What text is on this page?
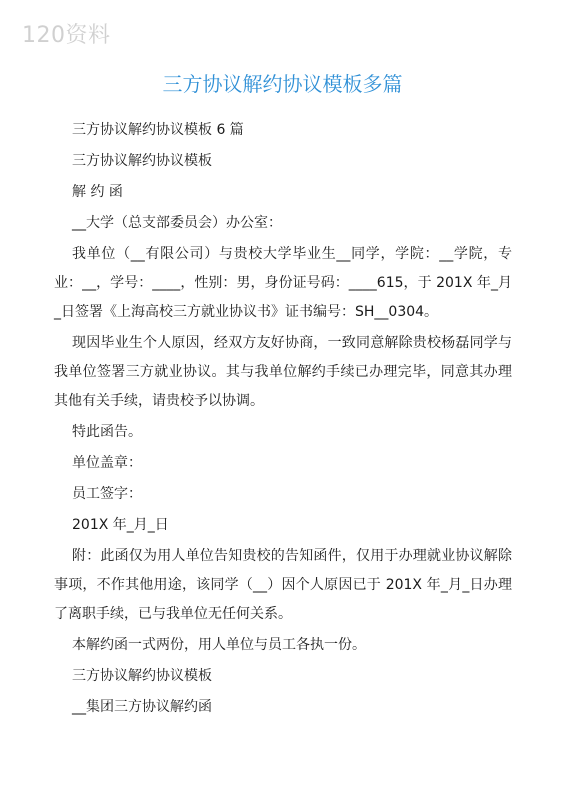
120资料
三方协议解约协议模板多篇

三方协议解约协议模板 6 篇

三方协议解约协议模板

解 约 函

__大学（总支部委员会）办公室：

我单位（__有限公司）与贵校大学毕业生__同学，学院：__学院，专业：__，学号：____，性别：男，身份证号码：____615，于 201X 年_月_日签署《上海高校三方就业协议书》证书编号：SH__0304。

现因毕业生个人原因，经双方友好协商，一致同意解除贵校杨磊同学与我单位签署三方就业协议。其与我单位解约手续已办理完毕，同意其办理其他有关手续，请贵校予以协调。

特此函告。

单位盖章：

员工签字：

201X 年_月_日

附：此函仅为用人单位告知贵校的告知函件，仅用于办理就业协议解除事项，不作其他用途，该同学（__）因个人原因已于 201X 年_月_日办理了离职手续，已与我单位无任何关系。

本解约函一式两份，用人单位与员工各执一份。

三方协议解约协议模板

__集团三方协议解约函
